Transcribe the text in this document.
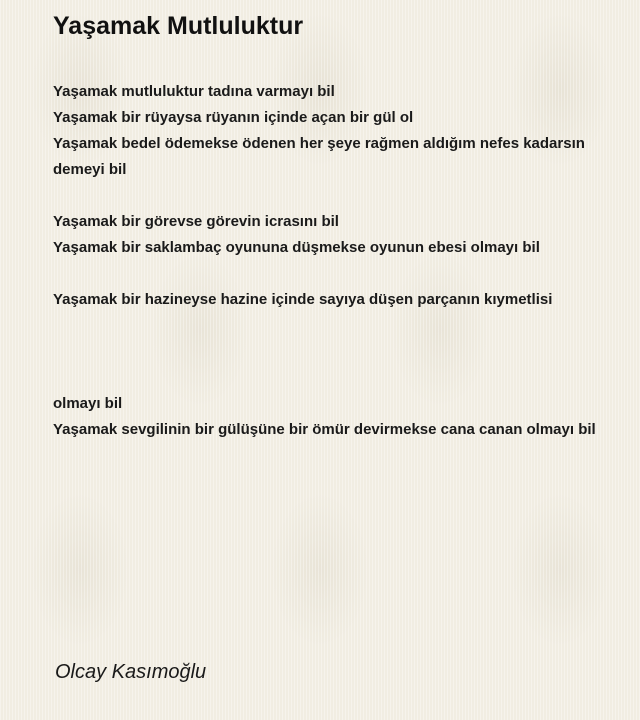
Yaşamak Mutluluktur
Yaşamak mutluluktur tadına varmayı bil
Yaşamak bir rüyaysa rüyanın içinde açan bir gül ol
Yaşamak bedel ödemekse ödenen her şeye rağmen aldığım nefes kadarsın demeyi bil
Yaşamak bir görevse görevin icrasını bil
Yaşamak bir saklambaç oyununa düşmekse oyunun ebesi olmayı bil
Yaşamak bir hazineyse hazine içinde sayıya düşen parçanın kıymetlisi
olmayı bil
Yaşamak sevgilinin bir gülüşüne bir ömür devirmekse cana canan olmayı bil
Olcay Kasımoğlu
